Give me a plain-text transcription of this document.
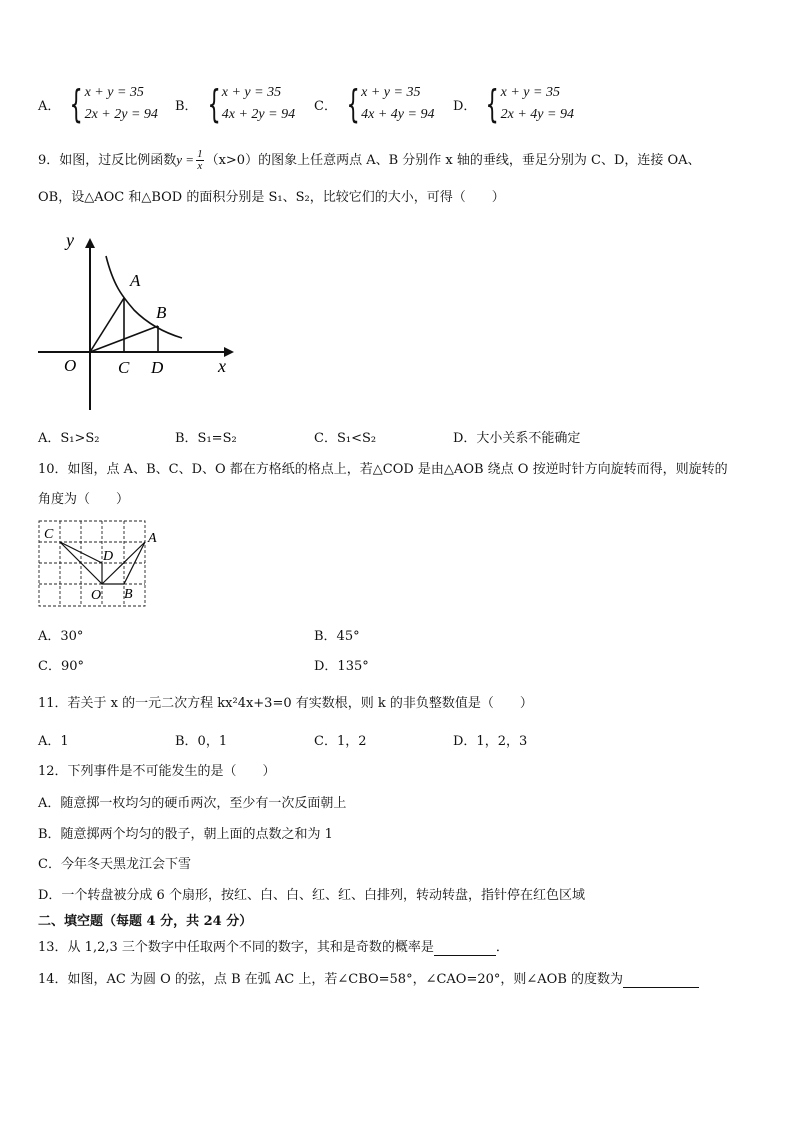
A． { x + y = 35
2x + 2y = 94
B． { x + y = 35
4x + 2y = 94
C． { x + y = 35
4x + 4y = 94
D． { x + y = 35
2x + 4y = 94
9．如图，过反比例函数$y = \frac{1}{x} (x>0)$的图象上任意两点 A、B 分别作 x 轴的垂线，垂足分别为 C、D，连接 OA、
OB，设△AOC 和△BOD 的面积分别是 S₁、S₂，比较它们的大小，可得（　　）
y
A
B
O C D	x
A．S₁>S₂	B．S₁=S₂	C．S₁<S₂	D．大小关系不能确定
10．如图，点 A、B、C、D、O 都在方格纸的格点上，若△COD 是由△AOB 绕点 O 按逆时针方向旋转而得，则旋转的
角度为（　　）
C
D
A
O B
A．30°	B．45°
C．90°	D．135°
11．若关于 x 的一元二次方程 kx²4x+3=0 有实数根，则 k 的非负整数值是（　　）
A．1	B．0，1	C．1，2	D．1，2，3
12．下列事件是不可能发生的是（　　）
A．随意掷一枚均匀的硬币两次，至少有一次反面朝上
B．随意掷两个均匀的骰子，朝上面的点数之和为 1
C．今年冬天黑龙江会下雪
D．一个转盘被分成 6 个扇形，按红、白、白、红、红、白排列，转动转盘，指针停在红色区域
二、填空题（每题 4 分，共 24 分）
13．从 1,2,3 三个数字中任取两个不同的数字，其和是奇数的概率是	．
14．如图，AC 为圆 O 的弦，点 B 在弧 AC 上，若∠CBO=58°，∠CAO=20°，则∠AOB 的度数为
